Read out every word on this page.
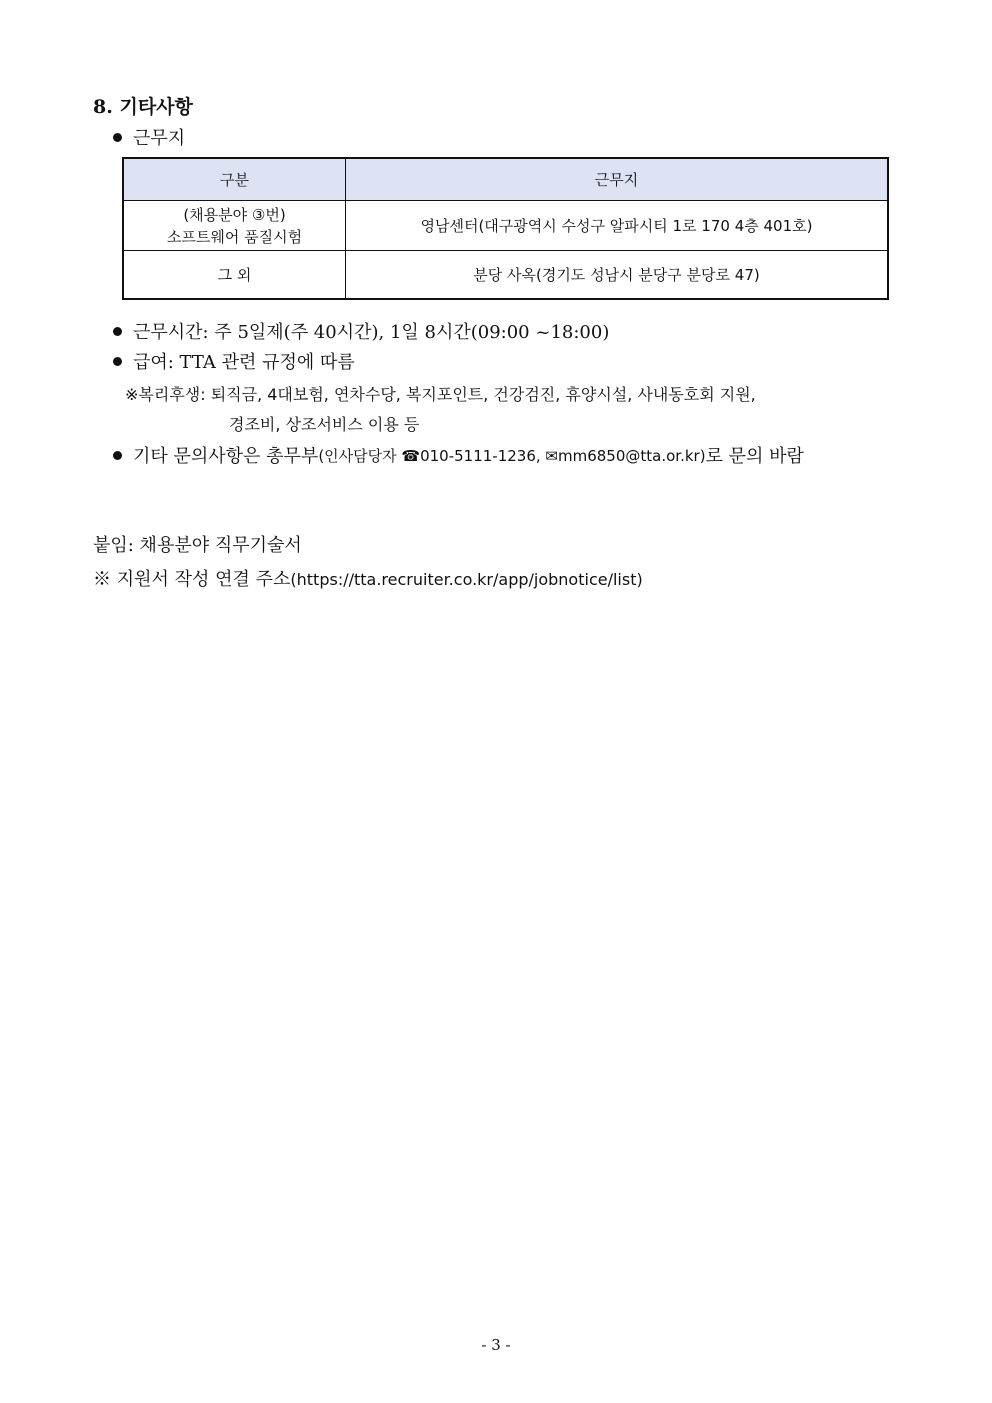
8. 기타사항
근무지
구분	근무지

(채용분야 ③번)
소프트웨어 품질시험	영남센터(대구광역시 수성구 알파시티 1로 170 4층 401호)
그 외	분당 사옥(경기도 성남시 분당구 분당로 47)
근무시간: 주 5일제(주 40시간), 1일 8시간(09:00 ~18:00)
급여: TTA 관련 규정에 따름
※복리후생: 퇴직금, 4대보험, 연차수당, 복지포인트, 건강검진, 휴양시설, 사내동호회 지원,
경조비, 상조서비스 이용 등
기타 문의사항은 총무부 (인사담당자 ☎010-5111-1236, ✉mm6850@tta.or.kr) 로 문의 바람
붙임: 채용분야 직무기술서
※ 지원서 작성 연결 주소(https://tta.recruiter.co.kr/app/jobnotice/list)
- 3 -
